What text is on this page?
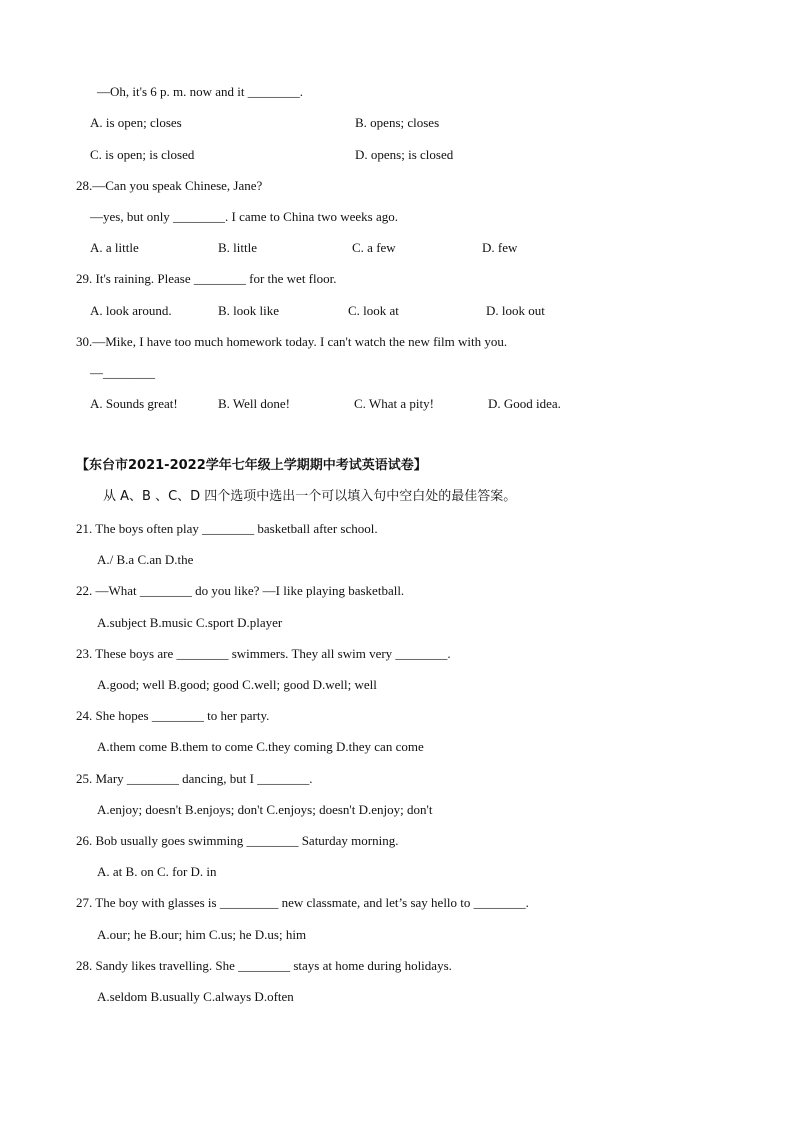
—Oh, it's 6 p. m. now and it ________.
A. is open; closes	B. opens; closes
C. is open; is closed	D. opens; is closed
28.—Can you speak Chinese, Jane?
—yes, but only ________. I came to China two weeks ago.
A. a little	B. little	C. a few	D. few
29. It's raining. Please ________ for the wet floor.
A. look around.	B. look like	C. look at	D. look out
30.—Mike, I have too much homework today. I can't watch the new film with you.
—________
A. Sounds great!	B. Well done!	C. What a pity!	D. Good idea.
【东台市2021-2022学年七年级上学期期中考试英语试卷】
从 A、B 、C、D 四个选项中选出一个可以填入句中空白处的最佳答案。
21. The boys often play ________ basketball after school.
A./ B.a C.an D.the
22. —What ________ do you like? —I like playing basketball.
A.subject B.music C.sport D.player
23. These boys are ________ swimmers. They all swim very ________.
A.good; well B.good; good C.well; good D.well; well
24. She hopes ________ to her party.
A.them come B.them to come C.they coming D.they can come
25. Mary ________ dancing, but I ________.
A.enjoy; doesn't B.enjoys; don't C.enjoys; doesn't D.enjoy; don't
26. Bob usually goes swimming ________ Saturday morning.
A. at B. on C. for D. in
27. The boy with glasses is _________ new classmate, and let’s say hello to ________.
A.our; he B.our; him C.us; he D.us; him
28. Sandy likes travelling. She ________ stays at home during holidays.
A.seldom B.usually C.always D.often
